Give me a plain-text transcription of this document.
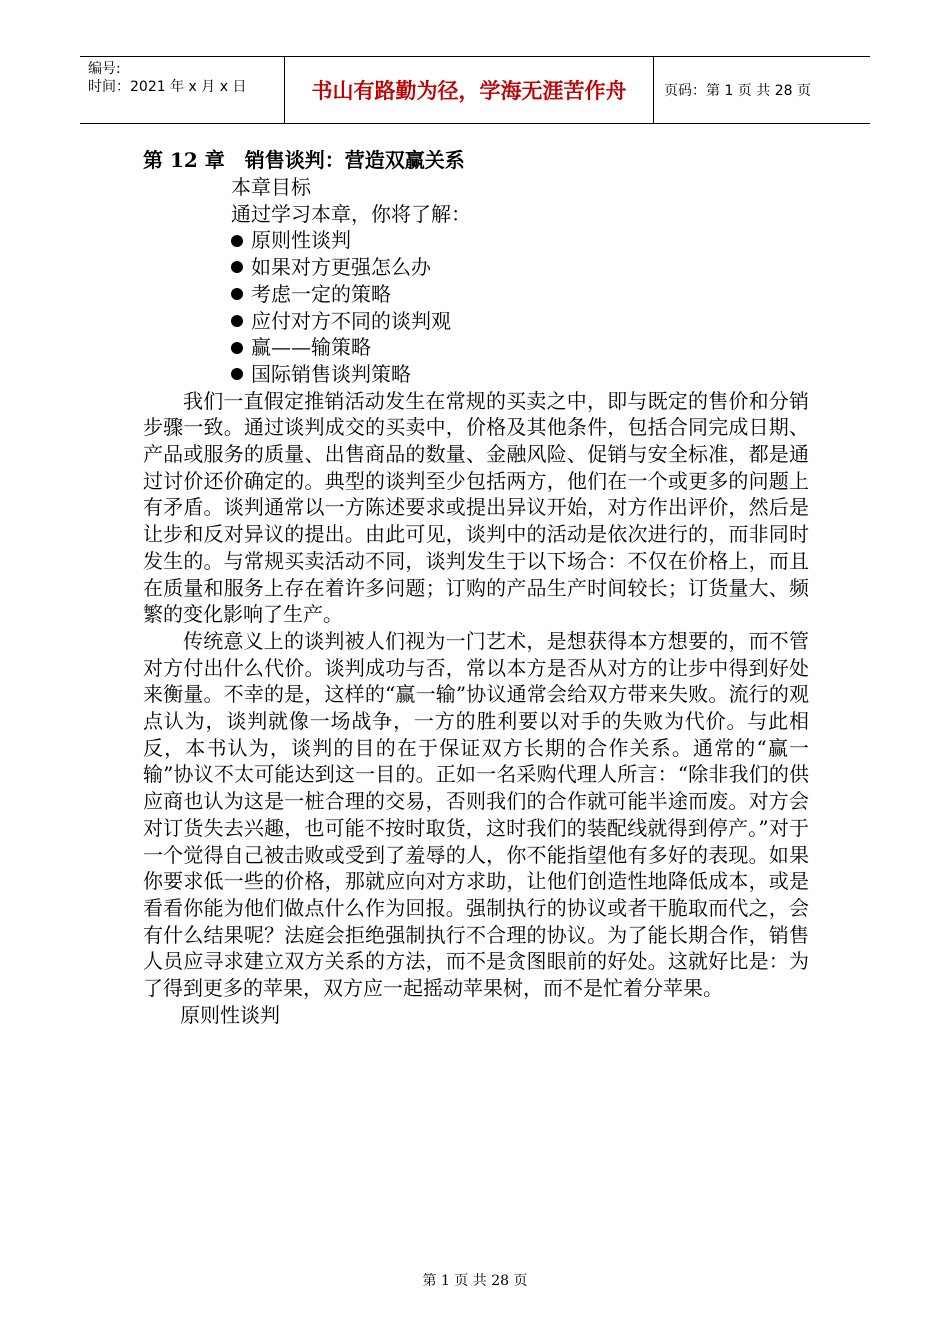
编号:
时间：2021 年 x 月 x 日	书山有路勤为径，学海无涯苦作舟	页码：第 1 页 共 28 页
第 12 章　销售谈判：营造双赢关系

本章目标

通过学习本章，你将了解：

原则性谈判
如果对方更强怎么办
考虑一定的策略
应付对方不同的谈判观
赢——输策略
国际销售谈判策略

我们一直假定推销活动发生在常规的买卖之中，即与既定的售价和分销步骤一致。通过谈判成交的买卖中，价格及其他条件，包括合同完成日期、产品或服务的质量、出售商品的数量、金融风险、促销与安全标准，都是通过讨价还价确定的。典型的谈判至少包括两方，他们在一个或更多的问题上有矛盾。谈判通常以一方陈述要求或提出异议开始，对方作出评价，然后是让步和反对异议的提出。由此可见，谈判中的活动是依次进行的，而非同时发生的。与常规买卖活动不同，谈判发生于以下场合：不仅在价格上，而且在质量和服务上存在着许多问题；订购的产品生产时间较长；订货量大、频繁的变化影响了生产。

传统意义上的谈判被人们视为一门艺术，是想获得本方想要的，而不管对方付出什么代价。谈判成功与否，常以本方是否从对方的让步中得到好处来衡量。不幸的是，这样的“赢一输”协议通常会给双方带来失败。流行的观点认为，谈判就像一场战争，一方的胜利要以对手的失败为代价。与此相反，本书认为，谈判的目的在于保证双方长期的合作关系。通常的“赢一输”协议不太可能达到这一目的。正如一名采购代理人所言：“除非我们的供应商也认为这是一桩合理的交易，否则我们的合作就可能半途而废。对方会对订货失去兴趣，也可能不按时取货，这时我们的装配线就得到停产。”对于一个觉得自己被击败或受到了羞辱的人，你不能指望他有多好的表现。如果你要求低一些的价格，那就应向对方求助，让他们创造性地降低成本，或是看看你能为他们做点什么作为回报。强制执行的协议或者干脆取而代之，会有什么结果呢？法庭会拒绝强制执行不合理的协议。为了能长期合作，销售人员应寻求建立双方关系的方法，而不是贪图眼前的好处。这就好比是：为了得到更多的苹果，双方应一起摇动苹果树，而不是忙着分苹果。

原则性谈判

第 1 页 共 28 页
